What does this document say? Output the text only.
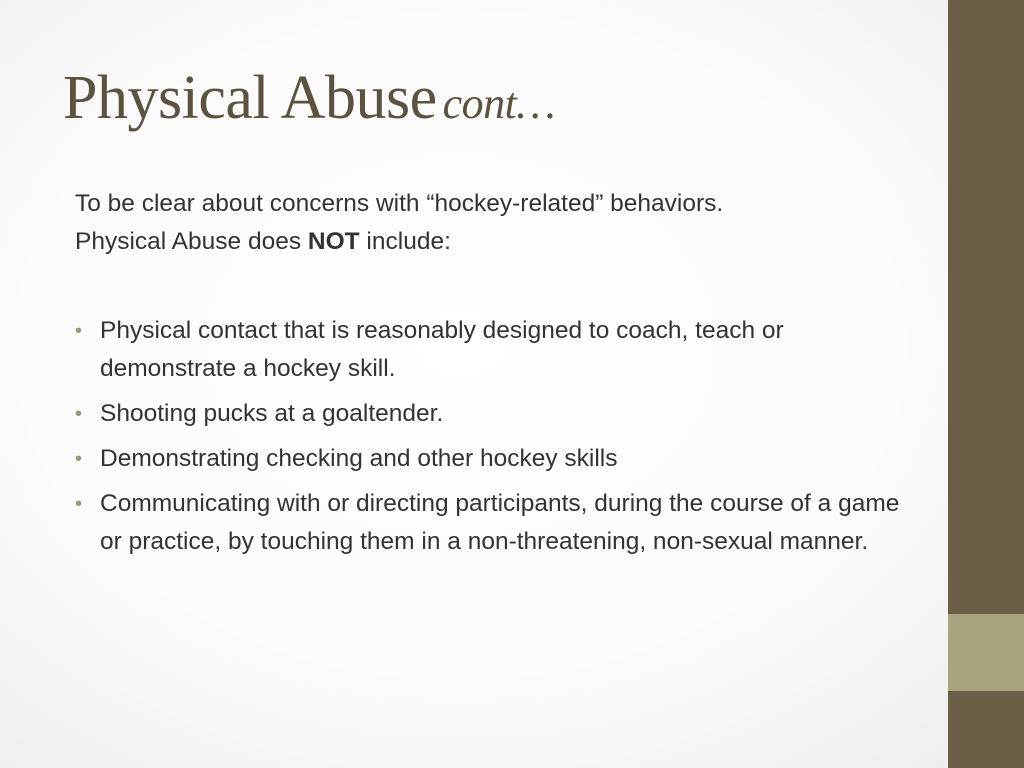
Physical Abuse cont…

To be clear about concerns with “hockey-related” behaviors.
Physical Abuse does NOT include:

• Physical contact that is reasonably designed to coach, teach or demonstrate a hockey skill.
• Shooting pucks at a goaltender.
• Demonstrating checking and other hockey skills
• Communicating with or directing participants, during the course of a game or practice, by touching them in a non-threatening, non-sexual manner.
